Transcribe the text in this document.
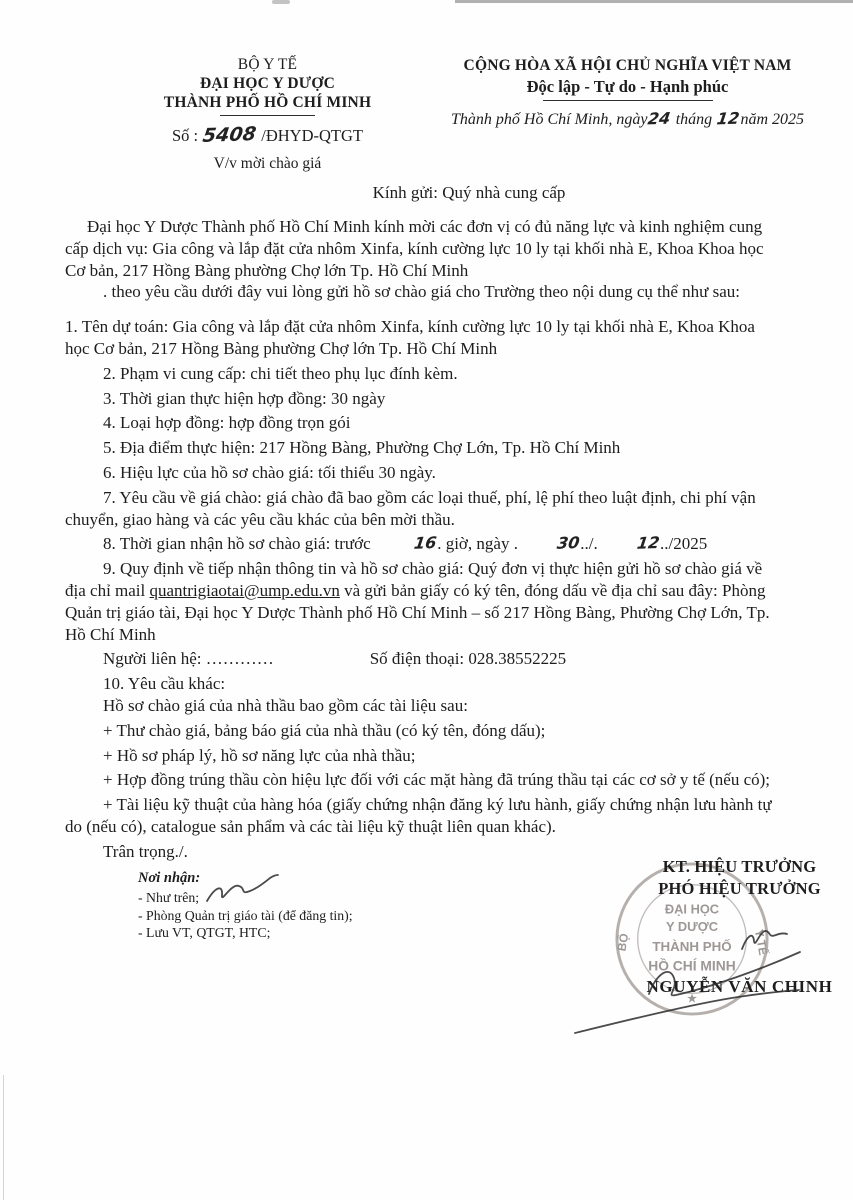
BỘ Y TẾ
ĐẠI HỌC Y DƯỢC
THÀNH PHỐ HỒ CHÍ MINH
Số : 5408 /ĐHYD-QTGT
V/v mời chào giá
CỘNG HÒA XÃ HỘI CHỦ NGHĨA VIỆT NAM
Độc lập - Tự do - Hạnh phúc
Thành phố Hồ Chí Minh, ngày24 tháng 12năm 2025
Kính gửi: Quý nhà cung cấp

Đại học Y Dược Thành phố Hồ Chí Minh kính mời các đơn vị có đủ năng lực và kinh nghiệm cung cấp dịch vụ: Gia công và lắp đặt cửa nhôm Xinfa, kính cường lực 10 ly tại khối nhà E, Khoa Khoa học Cơ bản, 217 Hồng Bàng phường Chợ lớn Tp. Hồ Chí Minh

. theo yêu cầu dưới đây vui lòng gửi hồ sơ chào giá cho Trường theo nội dung cụ thể như sau:

1. Tên dự toán: Gia công và lắp đặt cửa nhôm Xinfa, kính cường lực 10 ly tại khối nhà E, Khoa Khoa học Cơ bản, 217 Hồng Bàng phường Chợ lớn Tp. Hồ Chí Minh

2. Phạm vi cung cấp: chi tiết theo phụ lục đính kèm.

3. Thời gian thực hiện hợp đồng: 30 ngày

4. Loại hợp đồng: hợp đồng trọn gói

5. Địa điểm thực hiện: 217 Hồng Bàng, Phường Chợ Lớn, Tp. Hồ Chí Minh

6. Hiệu lực của hồ sơ chào giá: tối thiểu 30 ngày.

7. Yêu cầu về giá chào: giá chào đã bao gồm các loại thuế, phí, lệ phí theo luật định, chi phí vận chuyển, giao hàng và các yêu cầu khác của bên mời thầu.

8. Thời gian nhận hồ sơ chào giá: trước 16. giờ, ngày . 30../. 12../2025

9. Quy định về tiếp nhận thông tin và hồ sơ chào giá: Quý đơn vị thực hiện gửi hồ sơ chào giá về địa chỉ mail quantrigiaotai@ump.edu.vn và gửi bản giấy có ký tên, đóng dấu về địa chỉ sau đây: Phòng Quản trị giáo tài, Đại học Y Dược Thành phố Hồ Chí Minh – số 217 Hồng Bàng, Phường Chợ Lớn, Tp. Hồ Chí Minh

Người liên hệ: …………	Số điện thoại: 028.38552225

10. Yêu cầu khác:

Hồ sơ chào giá của nhà thầu bao gồm các tài liệu sau:

+ Thư chào giá, bảng báo giá của nhà thầu (có ký tên, đóng dấu);

+ Hồ sơ pháp lý, hồ sơ năng lực của nhà thầu;

+ Hợp đồng trúng thầu còn hiệu lực đối với các mặt hàng đã trúng thầu tại các cơ sở y tế (nếu có);

+ Tài liệu kỹ thuật của hàng hóa (giấy chứng nhận đăng ký lưu hành, giấy chứng nhận lưu hành tự do (nếu có), catalogue sản phẩm và các tài liệu kỹ thuật liên quan khác).

Trân trọng./.

Nơi nhận:
- Như trên;
- Phòng Quản trị giáo tài (để đăng tin);
- Lưu VT, QTGT, HTC;
KT. HIỆU TRƯỞNG
PHÓ HIỆU TRƯỞNG
BỘ	Y TẾ
ĐẠI HỌC
Y DƯỢC
THÀNH PHỐ
HỒ CHÍ MINH
★
NGUYỄN VĂN CHINH
